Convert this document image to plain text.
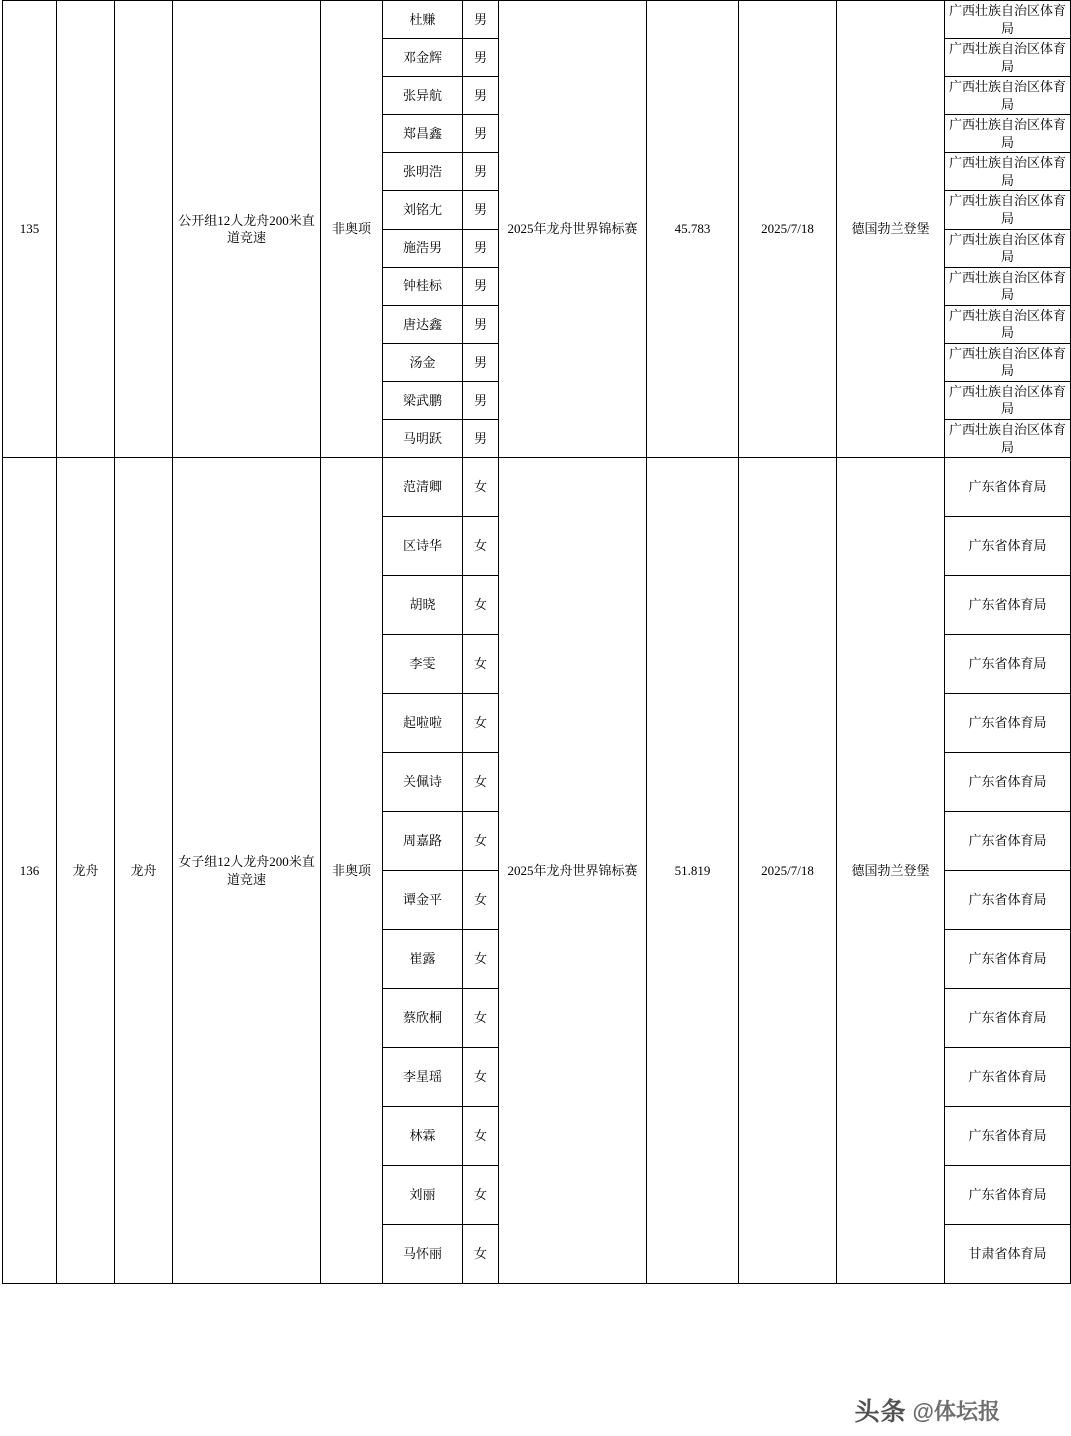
135			公开组12人龙舟200米直道竞速	非奥项	杜赚	男	2025年龙舟世界锦标赛	45.783	2025/7/18	德国勃兰登堡	广西壮族自治区体育局
					邓金辉	男					广西壮族自治区体育局
					张异航	男					广西壮族自治区体育局
					郑昌鑫	男					广西壮族自治区体育局
					张明浩	男					广西壮族自治区体育局
					刘铭尢	男					广西壮族自治区体育局
					施浩男	男					广西壮族自治区体育局
					钟桂标	男					广西壮族自治区体育局
					唐达鑫	男					广西壮族自治区体育局
					汤金	男					广西壮族自治区体育局
					梁武鹏	男					广西壮族自治区体育局
					马明跃	男					广西壮族自治区体育局
136	龙舟	龙舟	女子组12人龙舟200米直道竞速	非奥项	范清卿	女	2025年龙舟世界锦标赛	51.819	2025/7/18	德国勃兰登堡	广东省体育局
					区诗华	女					广东省体育局
					胡晓	女					广东省体育局
					李雯	女					广东省体育局
					起啦啦	女					广东省体育局
					关佩诗	女					广东省体育局
					周嘉路	女					广东省体育局
					谭金平	女					广东省体育局
					崔露	女					广东省体育局
					蔡欣桐	女					广东省体育局
					李星瑶	女					广东省体育局
					林霖	女					广东省体育局
					刘丽	女					广东省体育局
					马怀丽	女					甘肃省体育局
头条 @体坛报
